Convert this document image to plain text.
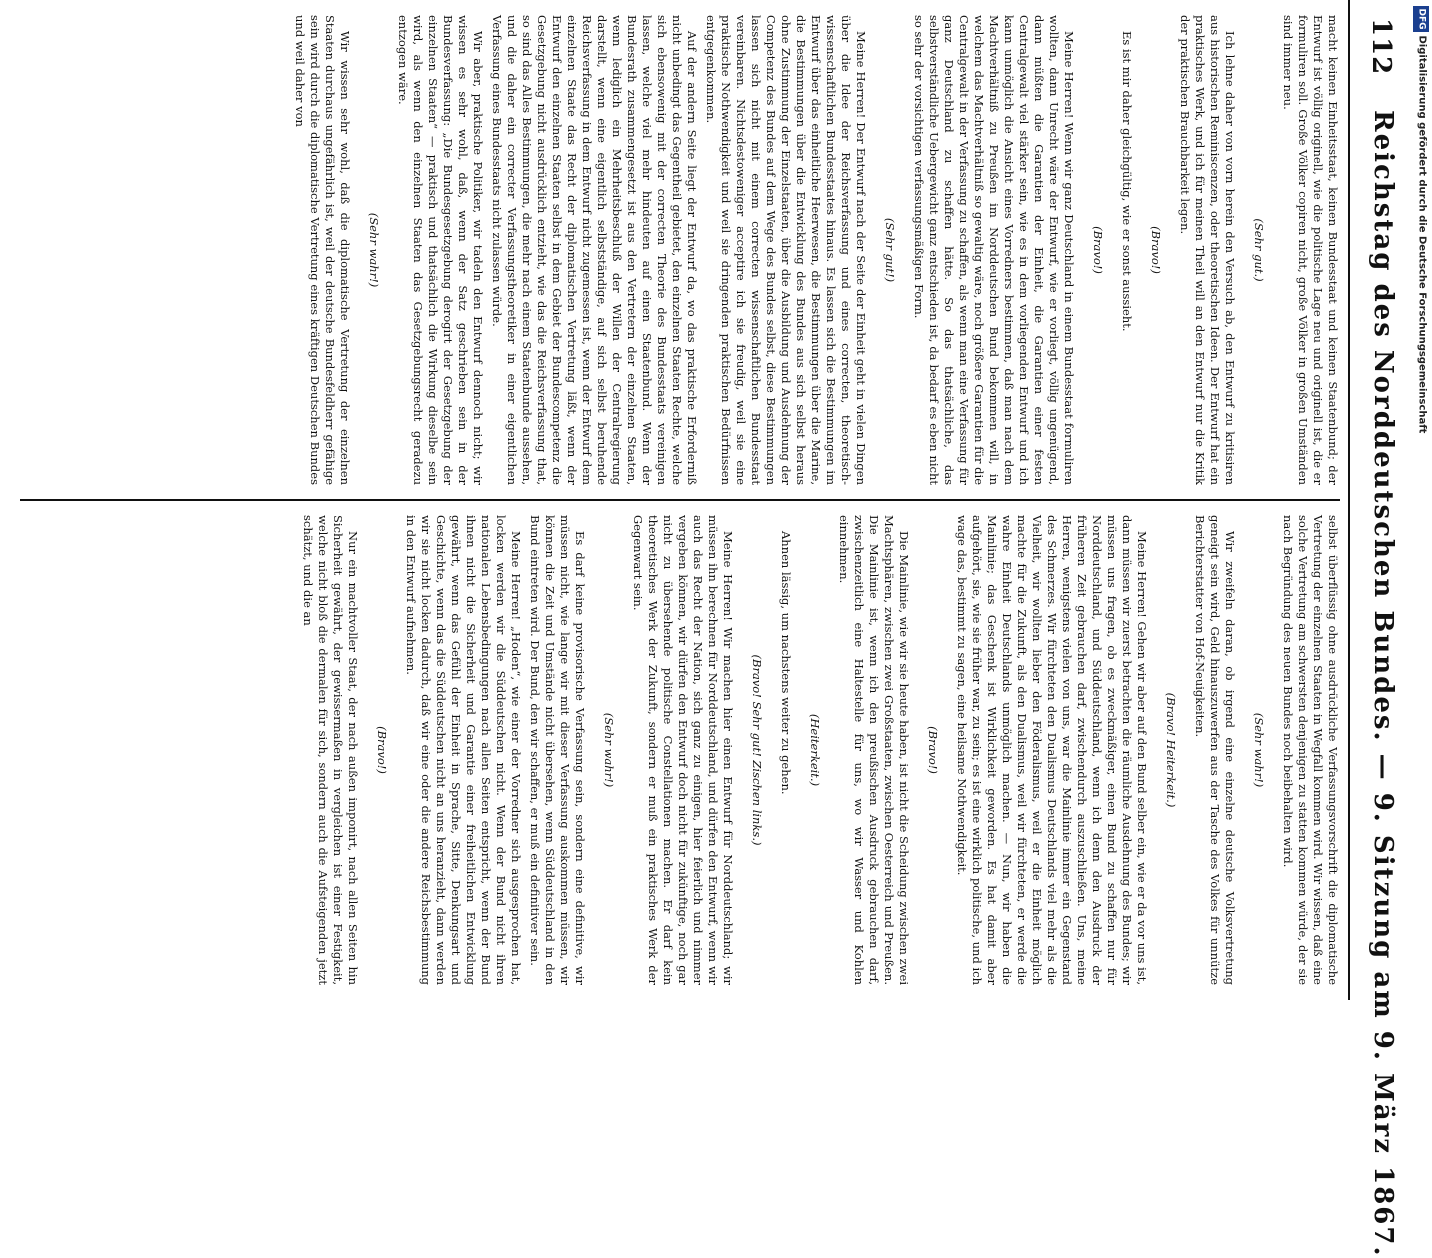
112
Reichstag des Norddeutschen Bundes. — 9. Sitzung am 9. März 1867.

macht keinen Einheitsstaat, keinen Bundesstaat und keinen Staatenbund; der Entwurf ist völlig originell, wie die politische Lage neu und originell ist, die er formuliren soll. Große Völker copiren nicht, große Völker in großen Umständen sind immer neu.

(Sehr gut.)

Ich lehne daher von vorn herein den Versuch ab, den Entwurf zu kritisiren aus historischen Reminiscenzen, oder theoretischen Ideen. Der Entwurf hat ein praktisches Werk, und ich für meinen Theil will an den Entwurf nur die Kritik der praktischen Brauchbarkeit legen.

(Bravo!)

Es ist mir daher gleichgültig, wie er sonst aussieht.

(Bravo!)

Meine Herren! Wenn wir ganz Deutschland in einem Bundesstaat formuliren wollten, dann Unrecht wäre der Entwurf, wie er vorliegt, völlig ungenügend, dann müßten die Garantien der Einheit, die Garantien einer festen Centralgewalt viel stärker sein, wie es in dem vorliegenden Entwurf und ich kann unmöglich die Ansicht eines Vorredners bestimmen, daß man nach dem Machtverhältniß zu Preußen im Norddeutschen Bund bekommen will, in welchem das Machtverhältniß so gewaltig wäre, noch größere Garantien für die Centralgewalt in der Verfassung zu schaffen, als wenn man eine Verfassung für ganz Deutschland zu schaffen hätte. So das thatsächliche, das selbstverständliche Uebergewicht ganz entschieden ist, da bedarf es eben nicht so sehr der vorsichtigen verfassungsmäßigen Form.

(Sehr gut!)

Meine Herren! Der Entwurf nach der Seite der Einheit geht in vielen Dingen über die Idee der Reichsverfassung und eines correcten, theoretisch-wissenschaftlichen Bundesstaates hinaus. Es lassen sich die Bestimmungen im Entwurf über das einheitliche Heerwesen, die Bestimmungen über die Marine, die Bestimmungen über die Entwicklung des Bundes aus sich selbst heraus ohne Zustimmung der Einzelstaaten, über die Ausbildung und Ausdehnung der Competenz des Bundes auf dem Wege des Bundes selbst, diese Bestimmungen lassen sich nicht mit einem correcten wissenschaftlichen Bundesstaat vereinbaren. Nichtsdestoweniger acceptire ich sie freudig, weil sie eine praktische Nothwendigkeit und weil sie dringenden praktischen Bedürfnissen entgegenkommen.

Auf der andern Seite liegt der Entwurf da, wo das praktische Erforderniß nicht unbedingt das Gegentheil gebietet, den einzelnen Staaten Rechte, welche sich ebensowenig mit der correcten Theorie des Bundesstaats vereinigen lassen, welche viel mehr hindeuten auf einen Staatenbund. Wenn der Bundesrath zusammengesetzt ist aus den Vertretern der einzelnen Staaten, wenn lediglich ein Mehrheitsbeschluß der Willen der Centralregierung darstellt, wenn eine eigentlich selbstständige, auf sich selbst beruhende Reichsverfassung in dem Entwurf nicht zugemessen ist, wenn der Entwurf dem einzelnen Staate das Recht der diplomatischen Vertretung läßt, wenn der Entwurf den einzelnen Staaten selbst in dem Gebiet der Bundescompetenz die Gesetzgebung nicht ausdrücklich entzieht, wie das die Reichsverfassung that, so sind das Alles Bestimmungen, die mehr nach einem Staatenbunde aussehen, und die daher ein correcter Verfassungstheoretiker in einer eigentlichen Verfassung eines Bundesstaats nicht zulassen würde.

Wir aber, praktische Politiker, wir tadeln den Entwurf dennoch nicht; wir wissen es sehr wohl, daß, wenn der Satz geschrieben sein in der Bundesverfassung: „Die Bundesgesetzgebung derogirt der Gesetzgebung der einzelnen Staaten“ — praktisch und thatsächlich die Wirkung dieselbe sein wird, als wenn den einzelnen Staaten das Gesetzgebungsrecht geradezu entzogen wäre.

(Sehr wahr!)

Wir wissen sehr wohl, daß die diplomatische Vertretung der einzelnen Staaten durchaus ungefährlich ist, weil der deutsche Bundesfeldherr gefähige sein wird durch die diplomatische Vertretung eines kräftigen Deutschen Bundes und weil daher von

selbst überflüssig ohne ausdrückliche Verfassungsvorschrift die diplomatische Vertretung der einzelnen Staaten in Wegfall kommen wird. Wir wissen, daß eine solche Vertretung am schwersten denjenigen zu statten kommen würde, der sie nach Begründung des neuen Bundes noch beibehalten wird.

(Sehr wahr!)

Wir zweifeln daran, ob irgend eine einzelne deutsche Volksvertretung geneigt sein wird, Geld hinauszuwerfen aus der Tasche des Volkes für unnütze Berichterstatter von Hof-Neuigkeiten.

(Bravo! Heiterkeit.)

Meine Herren! Gehen wir aber auf den Bund selber ein, wie er da vor uns ist, dann müssen wir zuerst betrachten die räumliche Ausdehnung des Bundes; wir müssen uns fragen, ob es zweckmäßiger, einen Bund zu schaffen nur für Norddeutschland, und Süddeutschland, wenn ich denn den Ausdruck der früheren Zeit gebrauchen darf, zwischendurch auszuschließen. Uns, meine Herren, wenigstens vielen von uns, war die Mainlinie immer ein Gegenstand des Schmerzes. Wir fürchteten den Dualismus Deutschlands viel mehr als die Vielheit, wir wollten lieber den Föderalismus, weil er die Einheit möglich machte für die Zukunft, als den Dualismus, weil wir fürchteten, er werde die wahre Einheit Deutschlands unmöglich machen. — Nun, wir haben die Mainlinie; das Geschenk ist Wirklichkeit geworden. Es hat damit aber aufgehört, sie, wie sie früher war, zu sein; es ist eine wirklich politische, und ich wage das, bestimmt zu sagen, eine heilsame Nothwendigkeit.

(Bravo!)

Die Mainlinie, wie wir sie heute haben, ist nicht die Scheidung zwischen zwei Machtsphären, zwischen zwei Großstaaten, zwischen Oesterreich und Preußen. Die Mainlinie ist, wenn ich den preußischen Ausdruck gebrauchen darf, zwischenzeitlich eine Haltestelle für uns, wo wir Wasser und Kohlen einnehmen.

(Heiterkeit.)

Ahnen lässig, um nachstens weiter zu gehen.

(Bravo! Sehr gut! Zischen links.)

Meine Herren! Wir machen hier einen Entwurf für Norddeutschland; wir müssen ihn berechnen für Norddeutschland, und dürfen den Entwurf, wenn wir auch das Recht der Nation, sich ganz zu einigen, hier feierlich und nimmer vergeben können, wir dürfen den Entwurf doch nicht für zukünftige, noch gar nicht zu übersehende politische Constellationen machen. Er darf kein theoretisches Werk der Zukunft, sondern er muß ein praktisches Werk der Gegenwart sein.

(Sehr wahr!)

Es darf keine provisorische Verfassung sein, sondern eine definitive, wir müssen nicht, wie lange wir mit dieser Verfassung auskommen müssen, wir können die Zeit und Umstände nicht übersehen, wenn Süddeutschland in den Bund eintreten wird. Der Bund, den wir schaffen, er muß ein definitiver sein.

Meine Herren! „Hoden“, wie einer der Vorredner sich ausgesprochen hat, locken werden wir die Süddeutschen nicht. Wenn der Bund nicht ihren nationalen Lebensbedingungen nach allen Seiten entspricht, wenn der Bund ihnen nicht die Sicherheit und Garantie einer freiheitlichen Entwicklung gewährt, wenn das Gefühl der Einheit in Sprache, Sitte, Denkungsart und Geschichte, wenn das die Süddeutschen nicht an uns heranzieht, dann werden wir sie nicht locken dadurch, daß wir eine oder die andere Reichsbestimmung in den Entwurf aufnehmen.

(Bravo!)

Nur ein machtvoller Staat, der nach außen imponirt, nach allen Seiten hin Sicherheit gewährt, der gewissermaßen in vergleichen ist einer Festigkeit, welche nicht bloß die dermalen für sich, sondern auch die Aufsteigenden jetzt schätzt, und die an

DFG
Digitalisierung gefördert durch die Deutsche Forschungsgemeinschaft
